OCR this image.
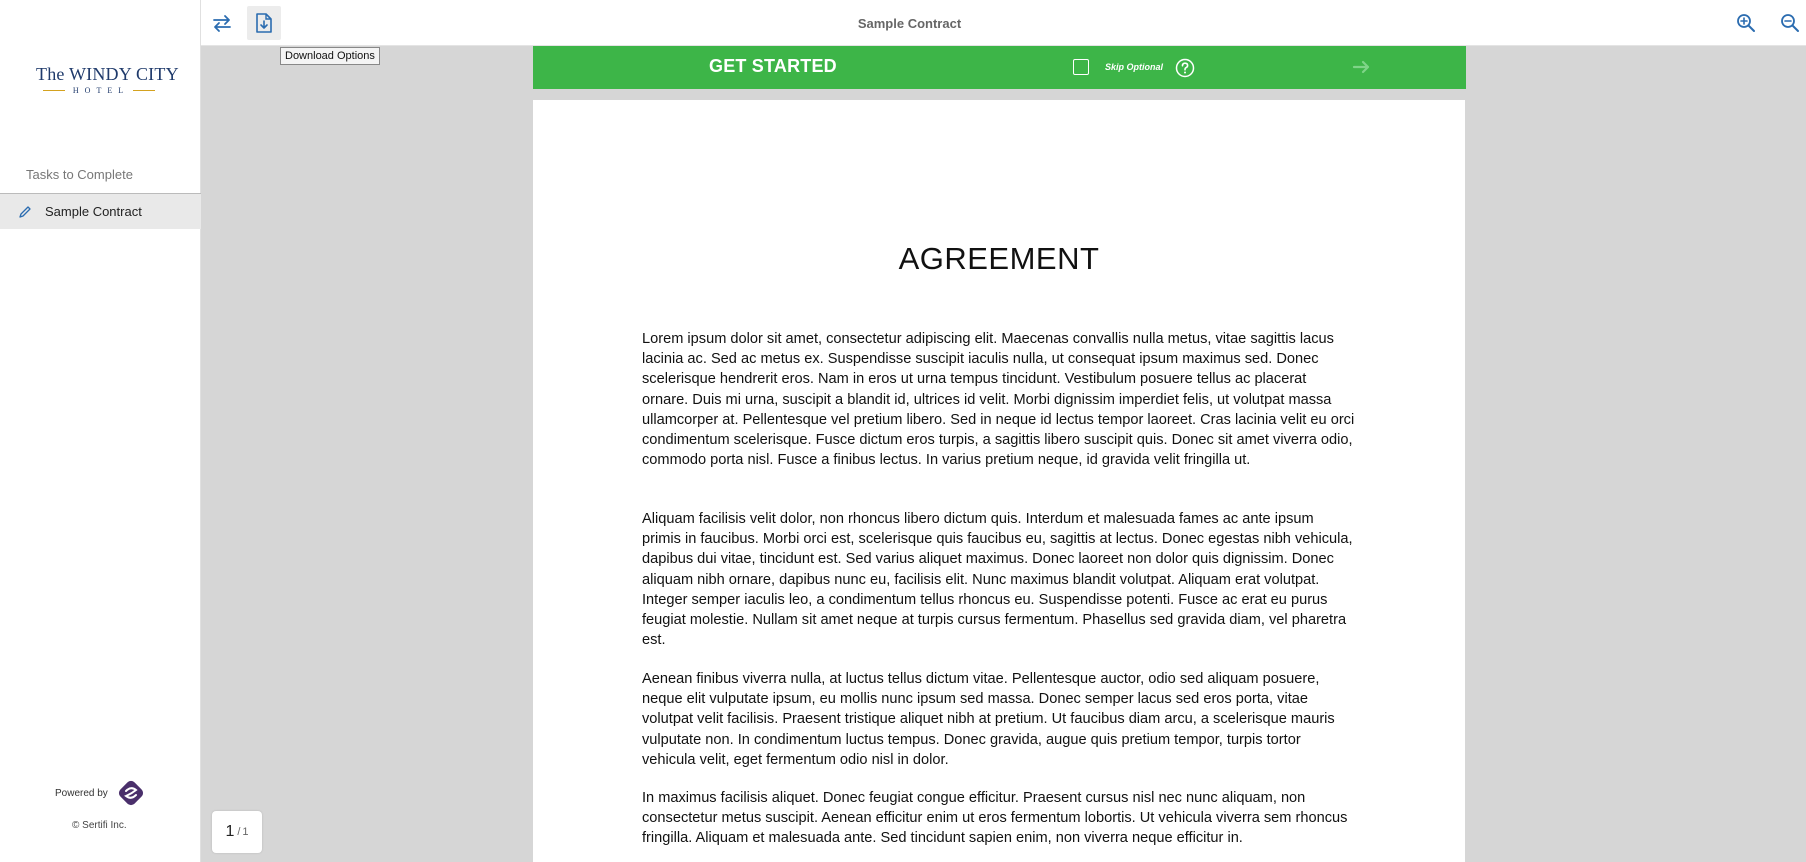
The WINDY CITY
HOTEL
Tasks to Complete
Sample Contract
Powered by
© Sertifi Inc.
Sample Contract
GET STARTED	Skip Optional
AGREEMENT

Lorem ipsum dolor sit amet, consectetur adipiscing elit. Maecenas convallis nulla metus, vitae sagittis lacus lacinia ac. Sed ac metus ex. Suspendisse suscipit iaculis nulla, ut consequat ipsum maximus sed. Donec scelerisque hendrerit eros. Nam in eros ut urna tempus tincidunt. Vestibulum posuere tellus ac placerat ornare. Duis mi urna, suscipit a blandit id, ultrices id velit. Morbi dignissim imperdiet felis, ut volutpat massa ullamcorper at. Pellentesque vel pretium libero. Sed in neque id lectus tempor laoreet. Cras lacinia velit eu orci condimentum scelerisque. Fusce dictum eros turpis, a sagittis libero suscipit quis. Donec sit amet viverra odio, commodo porta nisl. Fusce a finibus lectus. In varius pretium neque, id gravida velit fringilla ut.

Aliquam facilisis velit dolor, non rhoncus libero dictum quis. Interdum et malesuada fames ac ante ipsum primis in faucibus. Morbi orci est, scelerisque quis faucibus eu, sagittis at lectus. Donec egestas nibh vehicula, dapibus dui vitae, tincidunt est. Sed varius aliquet maximus. Donec laoreet non dolor quis dignissim. Donec aliquam nibh ornare, dapibus nunc eu, facilisis elit. Nunc maximus blandit volutpat. Aliquam erat volutpat. Integer semper iaculis leo, a condimentum tellus rhoncus eu. Suspendisse potenti. Fusce ac erat eu purus feugiat molestie. Nullam sit amet neque at turpis cursus fermentum. Phasellus sed gravida diam, vel pharetra est.

Aenean finibus viverra nulla, at luctus tellus dictum vitae. Pellentesque auctor, odio sed aliquam posuere, neque elit vulputate ipsum, eu mollis nunc ipsum sed massa. Donec semper lacus sed eros porta, vitae volutpat velit facilisis. Praesent tristique aliquet nibh at pretium. Ut faucibus diam arcu, a scelerisque mauris vulputate non. In condimentum luctus tempus. Donec gravida, augue quis pretium tempor, turpis tortor vehicula velit, eget fermentum odio nisl in dolor.

In maximus facilisis aliquet. Donec feugiat congue efficitur. Praesent cursus nisl nec nunc aliquam, non consectetur metus suscipit. Aenean efficitur enim ut eros fermentum lobortis. Ut vehicula viverra sem rhoncus fringilla. Aliquam et malesuada ante. Sed tincidunt sapien enim, non viverra neque efficitur in.

Download Options
1 / 1
